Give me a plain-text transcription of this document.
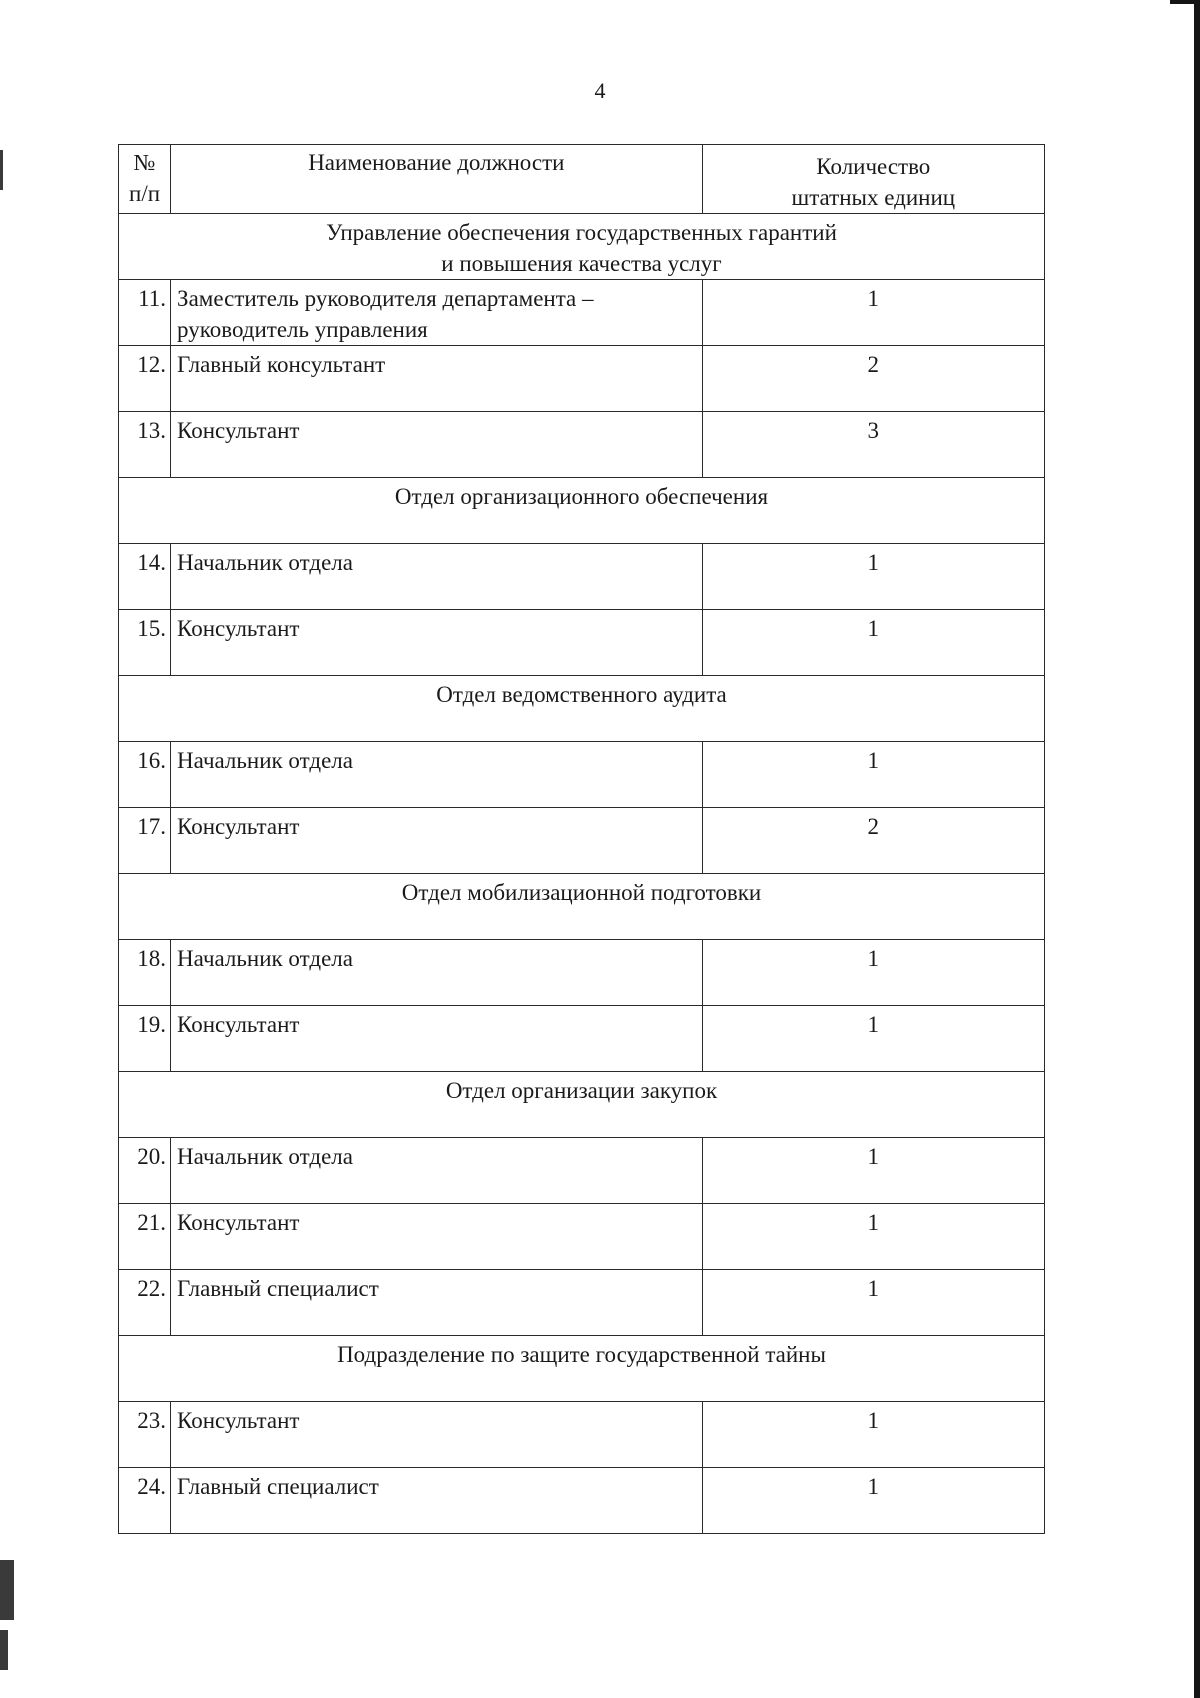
4
№
п/п	Наименование должности	Количество
штатных единиц

Управление обеспечения государственных гарантий
и повышения качества услуг		

11.	Заместитель руководителя департамента –
руководитель управления	1
12.	Главный консультант	2
13.	Консультант	3

Отдел организационного обеспечения		

14.	Начальник отдела	1
15.	Консультант	1

Отдел ведомственного аудита		

16.	Начальник отдела	1
17.	Консультант	2

Отдел мобилизационной подготовки		

18.	Начальник отдела	1
19.	Консультант	1

Отдел организации закупок		

20.	Начальник отдела	1
21.	Консультант	1
22.	Главный специалист	1

Подразделение по защите государственной тайны		

23.	Консультант	1
24.	Главный специалист	1
